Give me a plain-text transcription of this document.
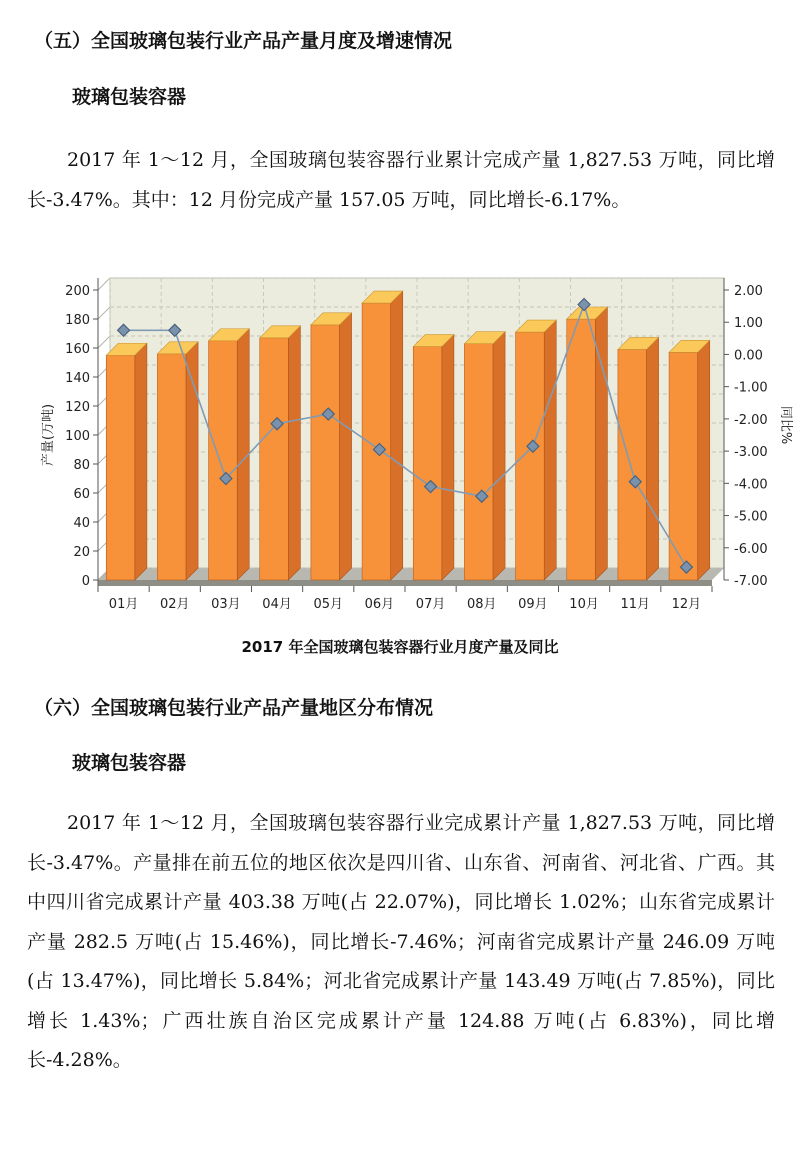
（五）全国玻璃包装行业产品产量月度及增速情况
玻璃包装容器

2017 年 1～12 月，全国玻璃包装容器行业累计完成产量 1,827.53 万吨，同比增长-3.47%。其中：12 月份完成产量 157.05 万吨，同比增长-6.17%。

0
20
40
60
80
100
120
140
160
180
200	2.00
1.00
0.00
-1.00
-2.00
-3.00
-4.00
-5.00
-6.00
-7.00
产量(万吨)	同比%
01月 02月 03月 04月 05月 06月 07月 08月 09月 10月 11月 12月
2017 年全国玻璃包装容器行业月度产量及同比
（六）全国玻璃包装行业产品产量地区分布情况
玻璃包装容器

2017 年 1～12 月，全国玻璃包装容器行业完成累计产量 1,827.53 万吨，同比增长-3.47%。产量排在前五位的地区依次是四川省、山东省、河南省、河北省、广西。其中四川省完成累计产量 403.38 万吨(占 22.07%)，同比增长 1.02%；山东省完成累计产量 282.5 万吨(占 15.46%)，同比增长-7.46%；河南省完成累计产量 246.09 万吨(占 13.47%)，同比增长 5.84%；河北省完成累计产量 143.49 万吨(占 7.85%)，同比增长 1.43%；广西壮族自治区完成累计产量 124.88 万吨(占 6.83%)，同比增长-4.28%。
